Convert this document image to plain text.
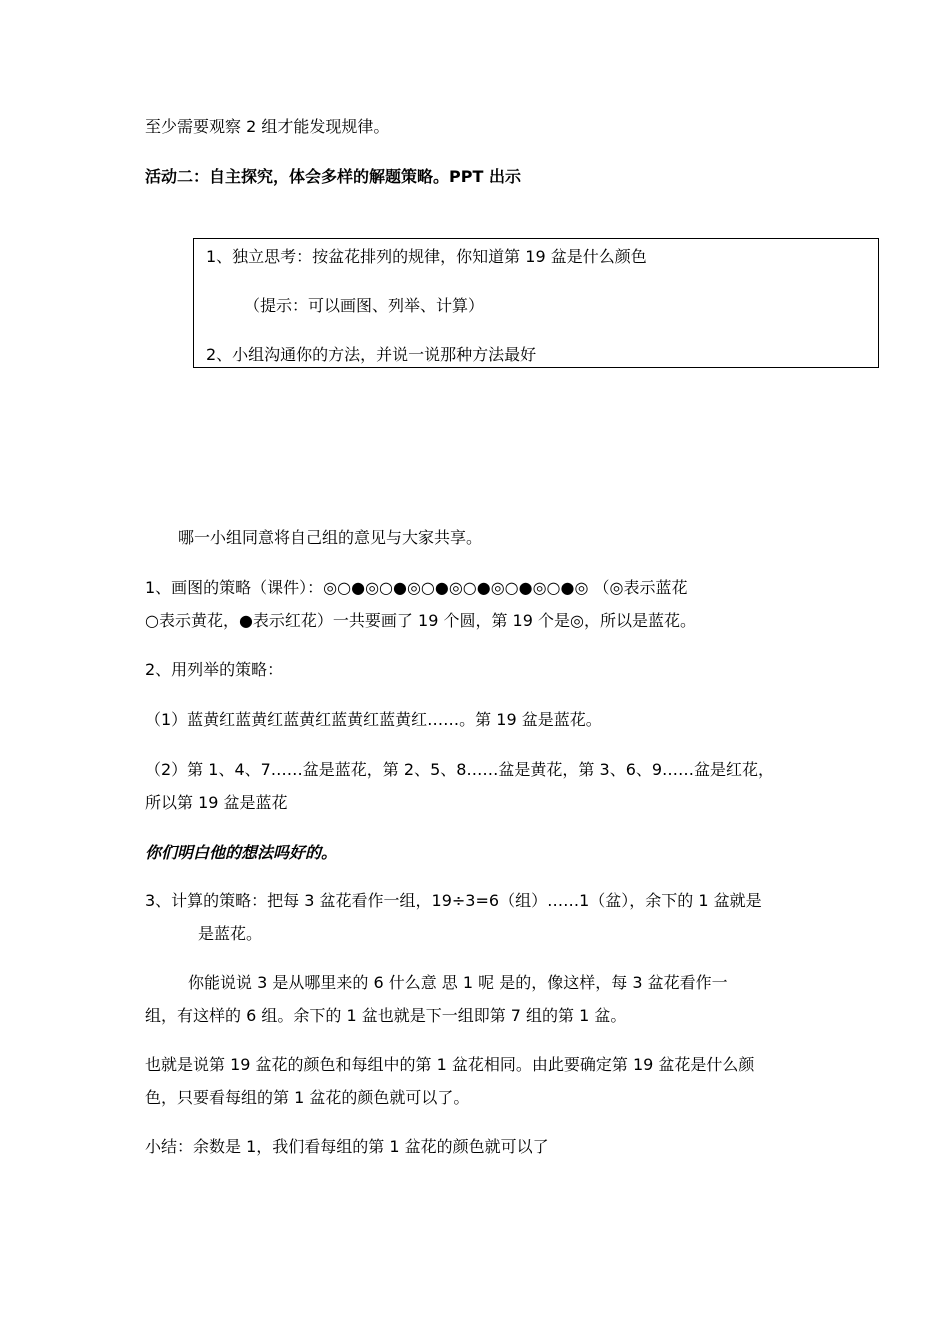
至少需要观察 2 组才能发现规律。
活动二：自主探究，体会多样的解题策略。PPT 出示
1、独立思考：按盆花排列的规律，你知道第 19 盆是什么颜色
（提示：可以画图、列举、计算）
2、小组沟通你的方法，并说一说那种方法最好
哪一小组同意将自己组的意见与大家共享。
1、画图的策略（课件）：◎○●◎○●◎○●◎○●◎○●◎○●◎ （◎表示蓝花
○表示黄花，●表示红花）一共要画了 19 个圆，第 19 个是◎，所以是蓝花。
2、用列举的策略：
（1）蓝黄红蓝黄红蓝黄红蓝黄红蓝黄红……。第 19 盆是蓝花。
（2）第 1、4、7……盆是蓝花，第 2、5、8……盆是黄花，第 3、6、9……盆是红花，
所以第 19 盆是蓝花
你们明白他的想法吗好的。
3、计算的策略：把每 3 盆花看作一组，19÷3=6（组）……1（盆），余下的 1 盆就是
是蓝花。
你能说说 3 是从哪里来的 6 什么意 思 1 呢 是的，像这样，每 3 盆花看作一
组，有这样的 6 组。余下的 1 盆也就是下一组即第 7 组的第 1 盆。
也就是说第 19 盆花的颜色和每组中的第 1 盆花相同。由此要确定第 19 盆花是什么颜
色，只要看每组的第 1 盆花的颜色就可以了。
小结：余数是 1，我们看每组的第 1 盆花的颜色就可以了
